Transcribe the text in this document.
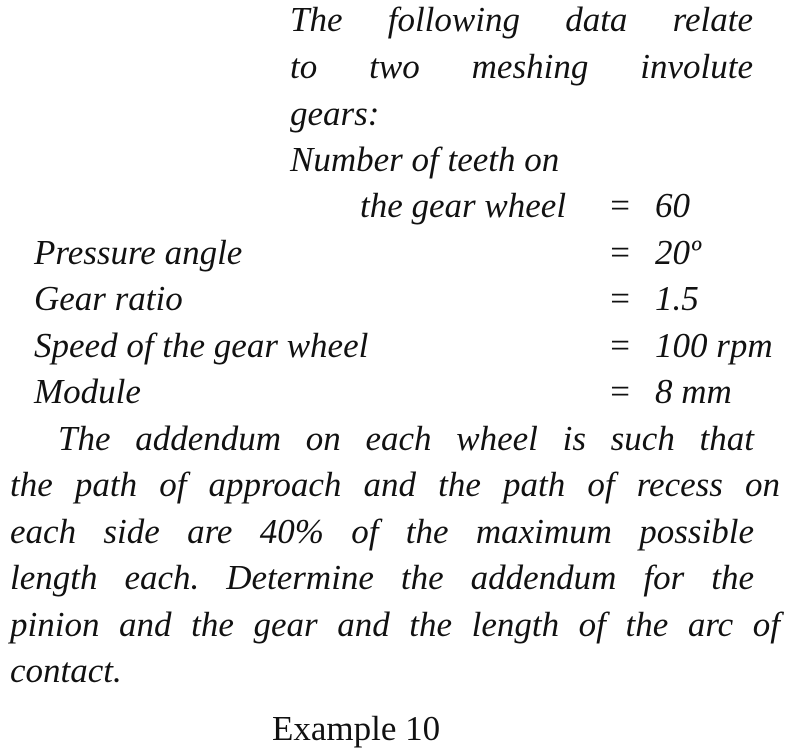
The following data relate
to two meshing involute
gears:
Number of teeth on
the gear wheel = 60
Pressure angle	= 20º
Gear ratio	= 1.5
Speed of the gear wheel	= 100 rpm
Module	= 8 mm
The addendum on each wheel is such that
the path of approach and the path of recess on
each side are 40% of the maximum possible
length each. Determine the addendum for the
pinion and the gear and the length of the arc of
contact.
Example 10
